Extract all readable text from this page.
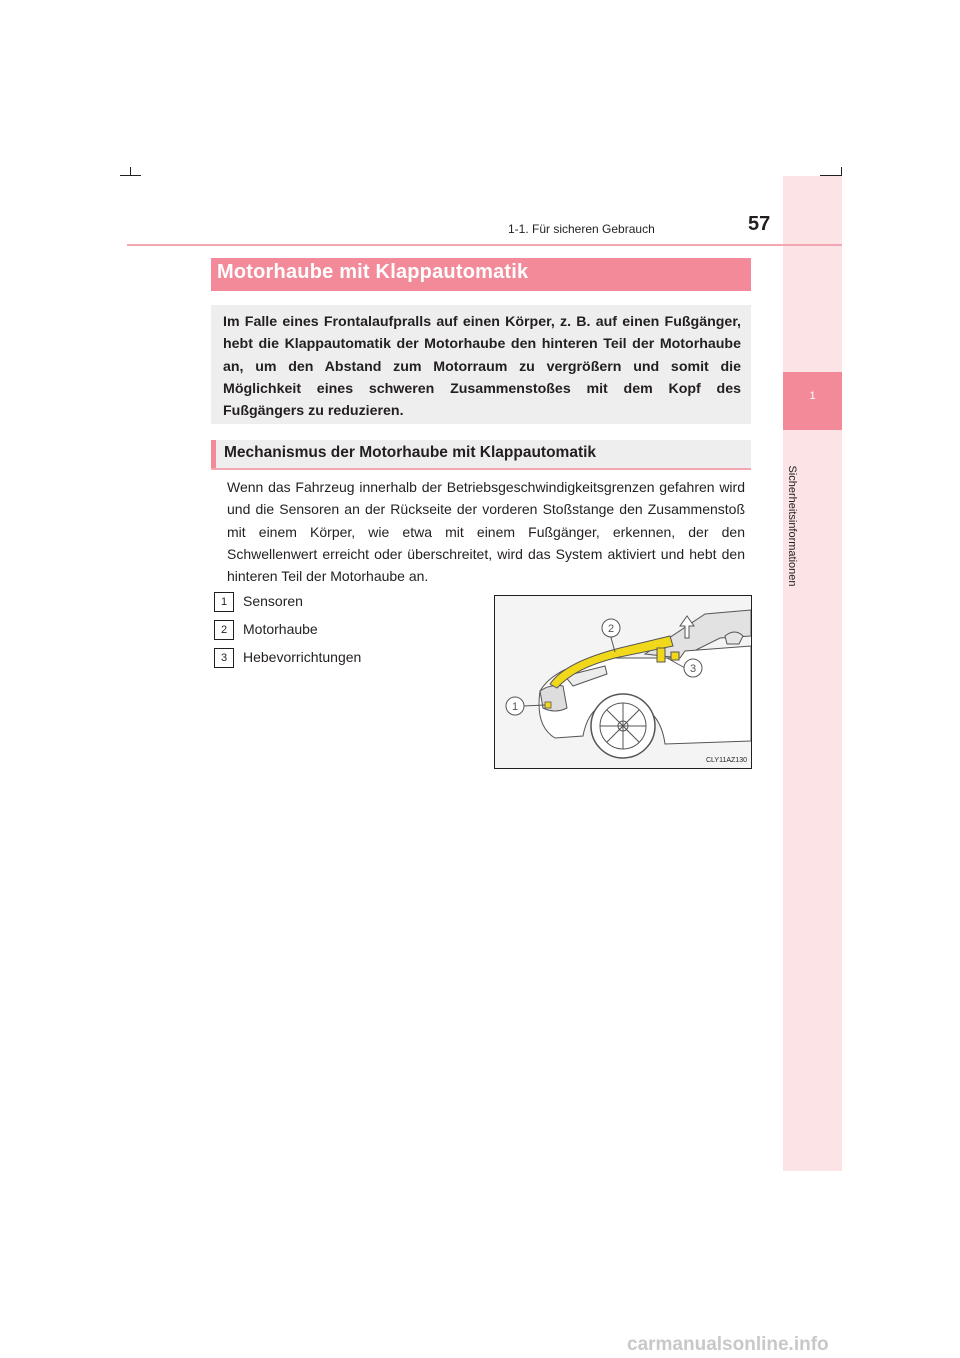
1
Sicherheitsinformationen
1-1. Für sicheren Gebrauch	57
Motorhaube mit Klappautomatik
Im Falle eines Frontalaufpralls auf einen Körper, z. B. auf einen Fußgänger, hebt die Klappautomatik der Motorhaube den hinteren Teil der Motorhaube an, um den Abstand zum Motorraum zu vergrößern und somit die Möglichkeit eines schweren Zusammenstoßes mit dem Kopf des Fußgängers zu reduzieren.
Mechanismus der Motorhaube mit Klappautomatik
Wenn das Fahrzeug innerhalb der Betriebsgeschwindigkeitsgrenzen gefahren wird und die Sensoren an der Rückseite der vorderen Stoßstange den Zusammenstoß mit einem Körper, wie etwa mit einem Fußgänger, erkennen, der den Schwellenwert erreicht oder überschreitet, wird das System aktiviert und hebt den hinteren Teil der Motorhaube an.
1	Sensoren
2	Motorhaube
3	Hebevorrichtungen
1
2
3
CLY11AZ130
carmanualsonline.info
